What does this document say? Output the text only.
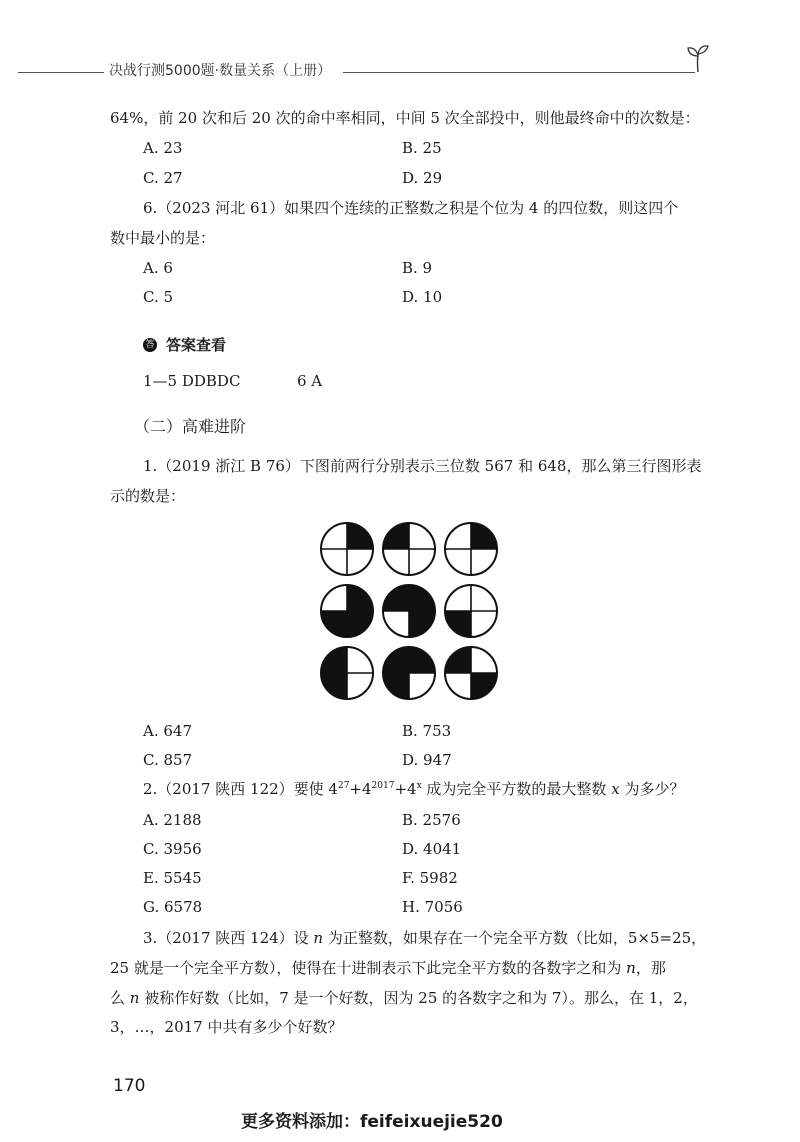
决战行测5000题·数量关系（上册）
64%，前 20 次和后 20 次的命中率相同，中间 5 次全部投中，则他最终命中的次数是：
A. 23	B. 25
C. 27	D. 29
6.（2023 河北 61）如果四个连续的正整数之积是个位为 4 的四位数，则这四个
数中最小的是：
A. 6	B. 9
C. 5	D. 10
答 答案查看
1—5 DDBDC	6 A
（二）高难进阶
1.（2019 浙江 B 76）下图前两行分别表示三位数 567 和 648，那么第三行图形表
示的数是：
A. 647	B. 753
C. 857	D. 947
2.（2017 陕西 122）要使 $4^{27}+4^{2017}+4^x$ 成为完全平方数的最大整数 x 为多少？
A. 2188	B. 2576
C. 3956	D. 4041
E. 5545	F. 5982
G. 6578	H. 7056
3.（2017 陕西 124）设 n 为正整数，如果存在一个完全平方数（比如，5×5=25，
25 就是一个完全平方数），使得在十进制表示下此完全平方数的各数字之和为 n，那
么 n 被称作好数（比如，7 是一个好数，因为 25 的各数字之和为 7）。那么，在 1，2，
3，…，2017 中共有多少个好数？
170
更多资料添加：feifeixuejie520
